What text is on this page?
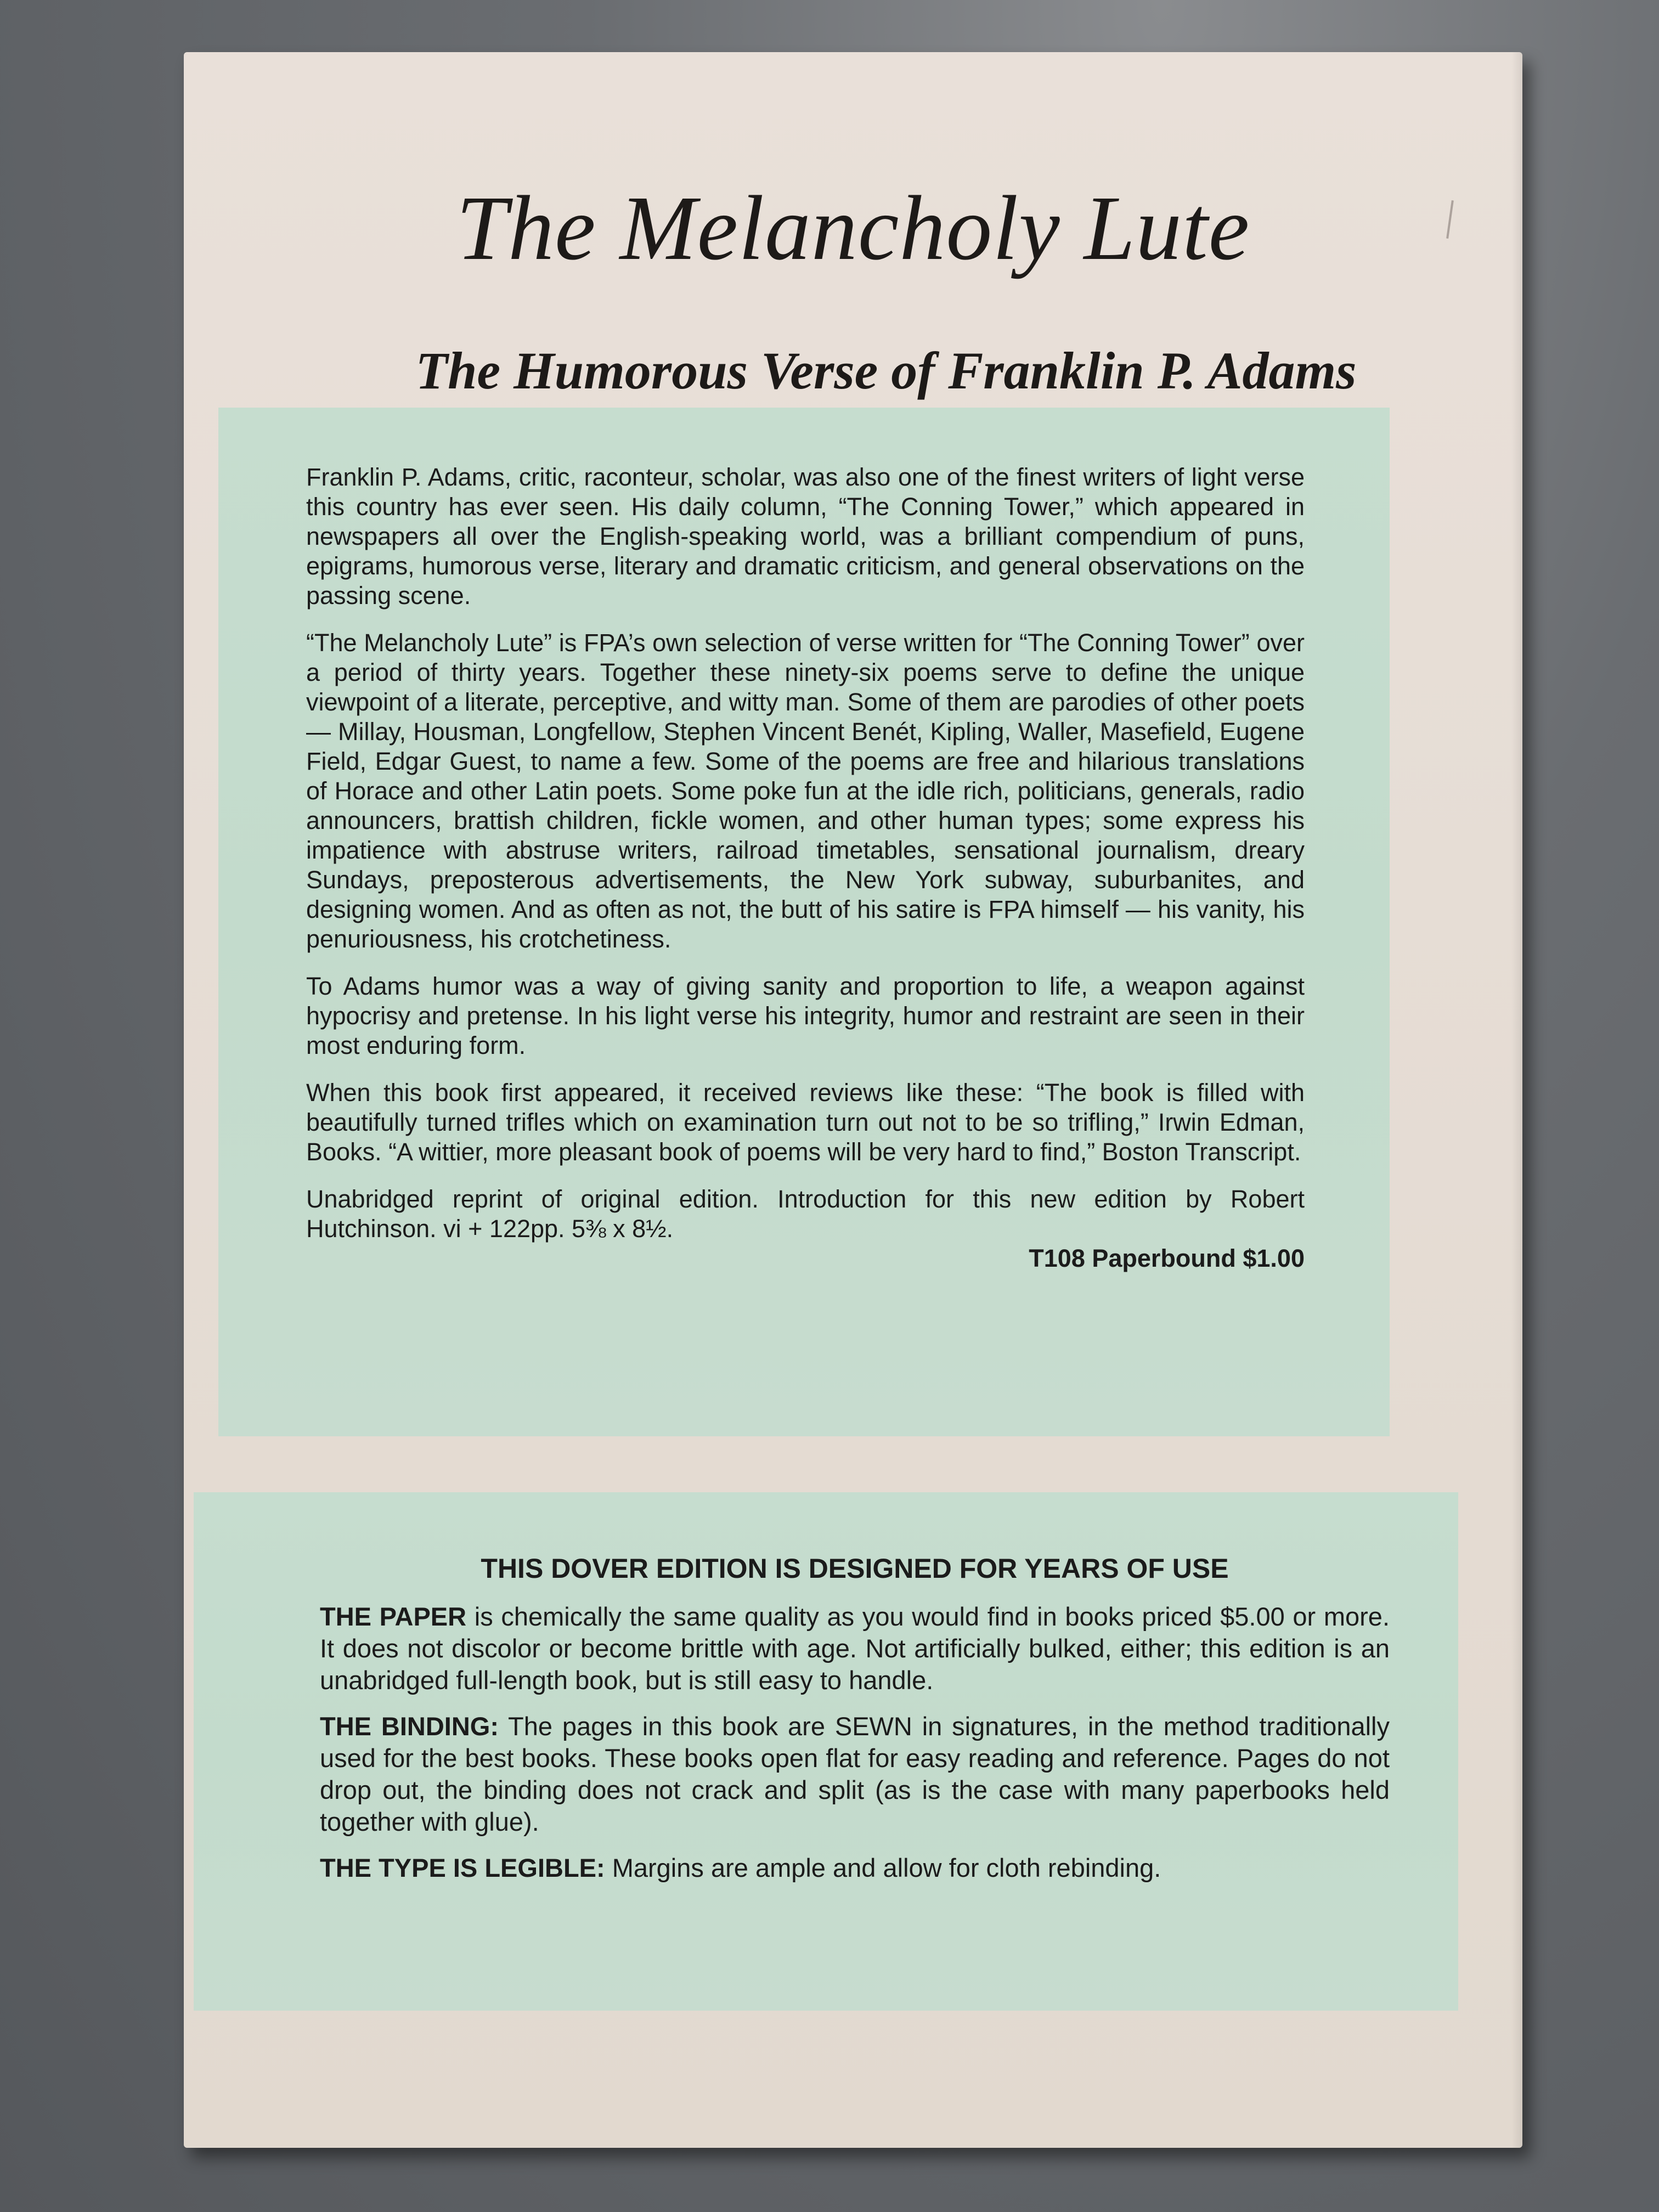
The Melancholy Lute
The Humorous Verse of Franklin P. Adams

Franklin P. Adams, critic, raconteur, scholar, was also one of the finest writers of light verse this country has ever seen. His daily column, “The Conning Tower,” which appeared in newspapers all over the English-speaking world, was a brilliant compendium of puns, epigrams, humorous verse, literary and dramatic criticism, and general observations on the passing scene.

“The Melancholy Lute” is FPA’s own selection of verse written for “The Conning Tower” over a period of thirty years. Together these ninety-six poems serve to define the unique viewpoint of a literate, perceptive, and witty man. Some of them are parodies of other poets — Millay, Housman, Longfellow, Stephen Vincent Benét, Kipling, Waller, Masefield, Eugene Field, Edgar Guest, to name a few. Some of the poems are free and hilarious translations of Horace and other Latin poets. Some poke fun at the idle rich, politicians, generals, radio announcers, brattish children, fickle women, and other human types; some express his impatience with abstruse writers, railroad timetables, sensational journalism, dreary Sundays, preposterous advertisements, the New York subway, suburbanites, and designing women. And as often as not, the butt of his satire is FPA himself — his vanity, his penuriousness, his crotchetiness.

To Adams humor was a way of giving sanity and proportion to life, a weapon against hypocrisy and pretense. In his light verse his integrity, humor and restraint are seen in their most enduring form.

When this book first appeared, it received reviews like these: “The book is filled with beautifully turned trifles which on examination turn out not to be so trifling,” Irwin Edman, Books. “A wittier, more pleasant book of poems will be very hard to find,” Boston Transcript.

Unabridged reprint of original edition. Introduction for this new edition by Robert Hutchinson. vi + 122pp. 5⅜ x 8½.

T108 Paperbound $1.00
THIS DOVER EDITION IS DESIGNED FOR YEARS OF USE

THE PAPER is chemically the same quality as you would find in books priced $5.00 or more. It does not discolor or become brittle with age. Not artificially bulked, either; this edition is an unabridged full-length book, but is still easy to handle.

THE BINDING: The pages in this book are SEWN in signatures, in the method traditionally used for the best books. These books open flat for easy reading and reference. Pages do not drop out, the binding does not crack and split (as is the case with many paperbooks held together with glue).

THE TYPE IS LEGIBLE: Margins are ample and allow for cloth rebinding.
